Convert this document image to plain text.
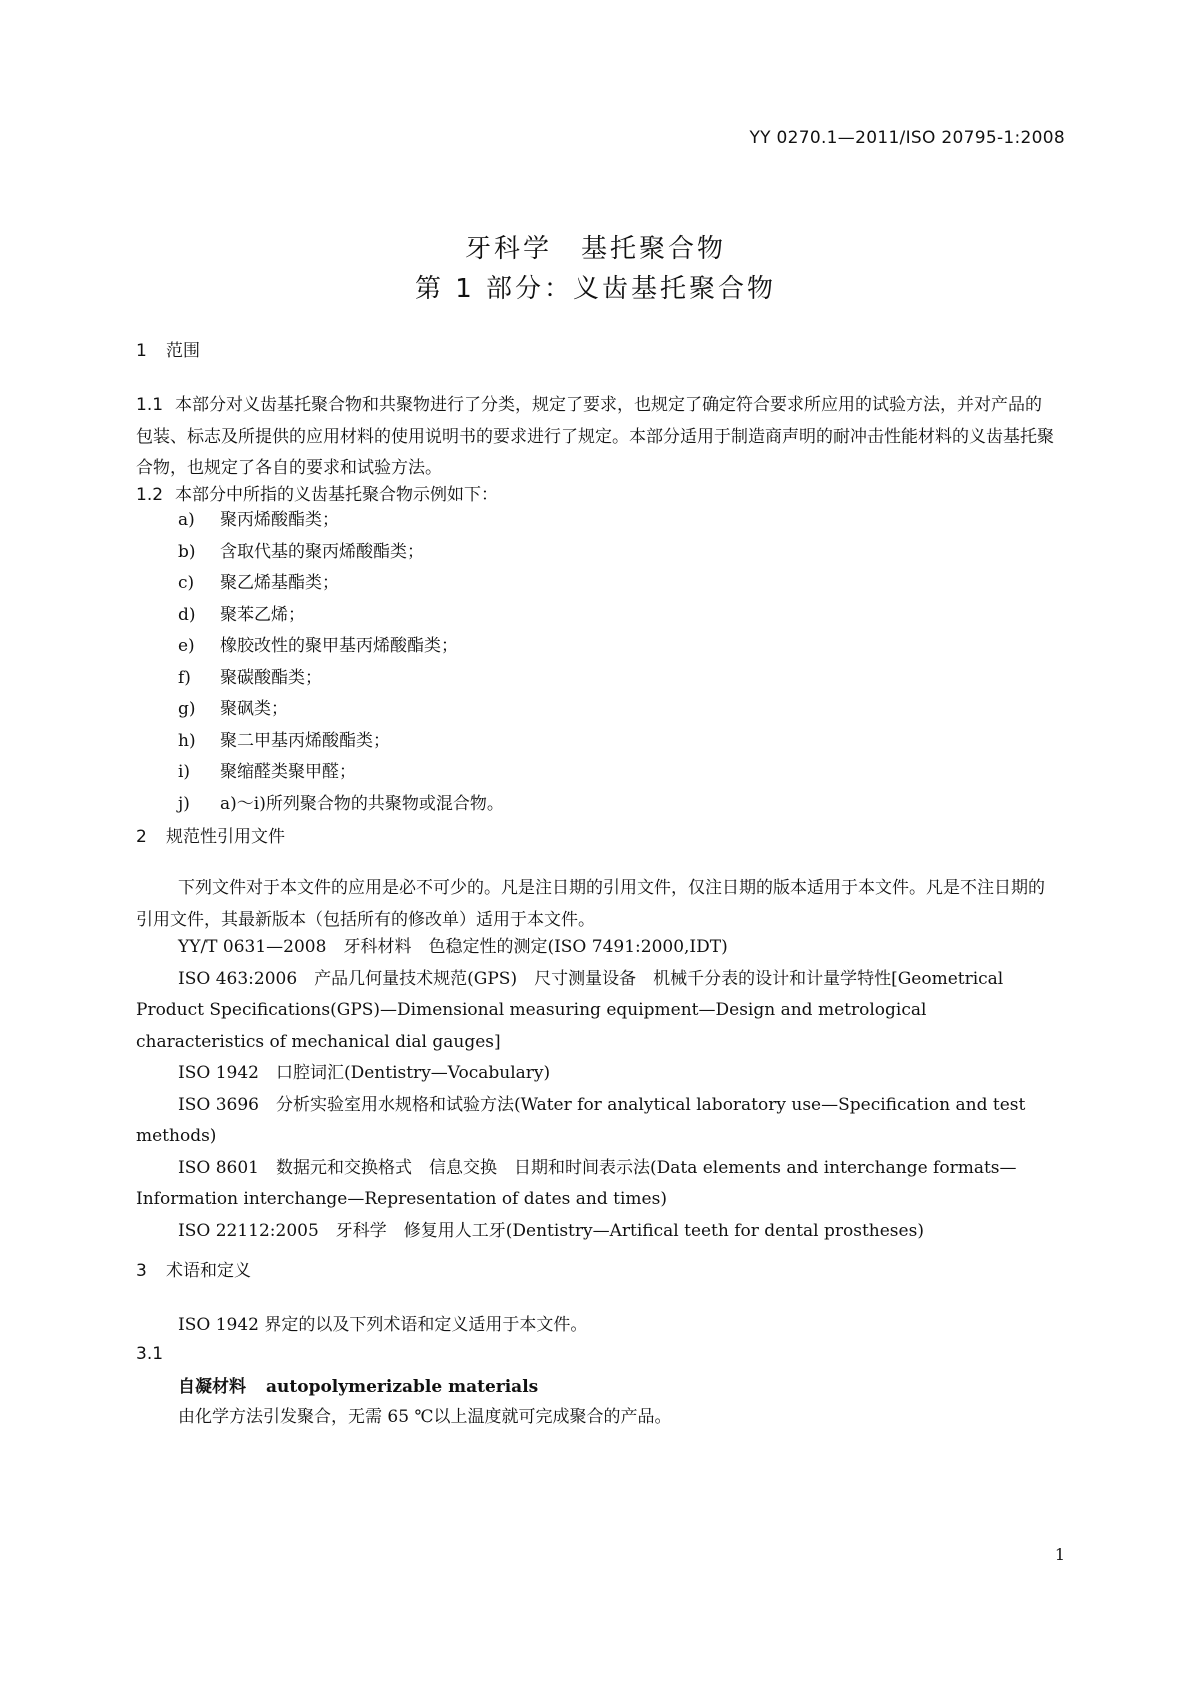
YY 0270.1—2011/ISO 20795-1:2008
牙科学　基托聚合物
第 1 部分：义齿基托聚合物
1 范围
1.1 本部分对义齿基托聚合物和共聚物进行了分类，规定了要求，也规定了确定符合要求所应用的试验方法，并对产品的包装、标志及所提供的应用材料的使用说明书的要求进行了规定。本部分适用于制造商声明的耐冲击性能材料的义齿基托聚合物，也规定了各自的要求和试验方法。
1.2 本部分中所指的义齿基托聚合物示例如下：
a) 聚丙烯酸酯类；
b) 含取代基的聚丙烯酸酯类；
c) 聚乙烯基酯类；
d) 聚苯乙烯；
e) 橡胶改性的聚甲基丙烯酸酯类；
f) 聚碳酸酯类；
g) 聚砜类；
h) 聚二甲基丙烯酸酯类；
i) 聚缩醛类聚甲醛；
j) a)～i)所列聚合物的共聚物或混合物。
2 规范性引用文件
下列文件对于本文件的应用是必不可少的。凡是注日期的引用文件，仅注日期的版本适用于本文件。凡是不注日期的引用文件，其最新版本（包括所有的修改单）适用于本文件。
YY/T 0631—2008　牙科材料　色稳定性的测定(ISO 7491:2000,IDT)
ISO 463:2006　产品几何量技术规范(GPS)　尺寸测量设备　机械千分表的设计和计量学特性[Geometrical Product Specifications(GPS)—Dimensional measuring equipment—Design and metrological characteristics of mechanical dial gauges]
ISO 1942　口腔词汇(Dentistry—Vocabulary)
ISO 3696　分析实验室用水规格和试验方法(Water for analytical laboratory use—Specification and test methods)
ISO 8601　数据元和交换格式　信息交换　日期和时间表示法(Data elements and interchange formats—Information interchange—Representation of dates and times)
ISO 22112:2005　牙科学　修复用人工牙(Dentistry—Artifical teeth for dental prostheses)
3 术语和定义
ISO 1942 界定的以及下列术语和定义适用于本文件。
3.1
自凝材料 autopolymerizable materials
由化学方法引发聚合，无需 65 ℃以上温度就可完成聚合的产品。
1
